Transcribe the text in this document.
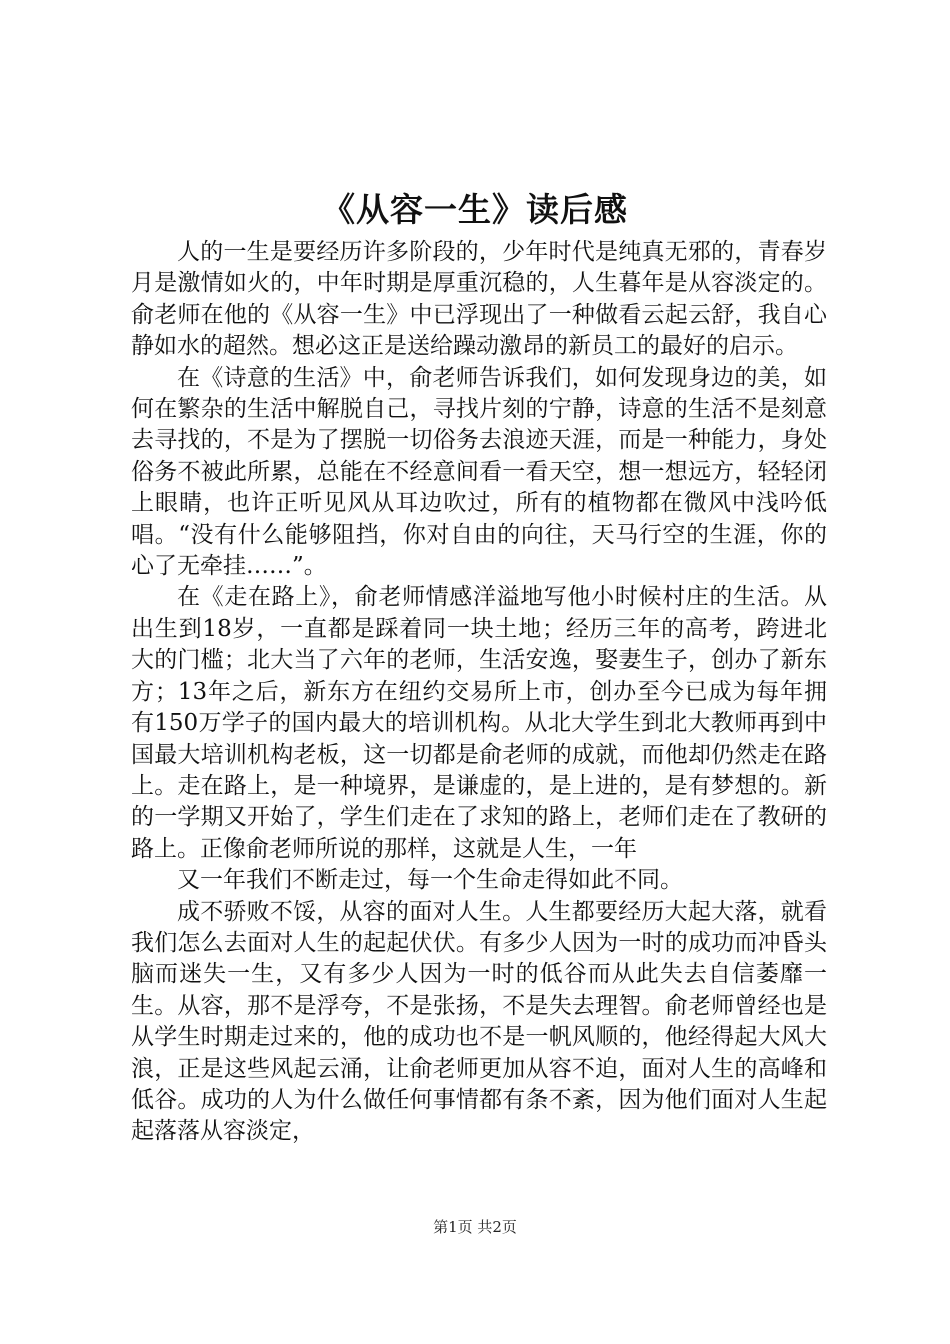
《从容一生》读后感

人的一生是要经历许多阶段的，少年时代是纯真无邪的，青春岁月是激情如火的，中年时期是厚重沉稳的，人生暮年是从容淡定的。俞老师在他的《从容一生》中已浮现出了一种做看云起云舒，我自心静如水的超然。想必这正是送给躁动激昂的新员工的最好的启示。

在《诗意的生活》中，俞老师告诉我们，如何发现身边的美，如何在繁杂的生活中解脱自己，寻找片刻的宁静，诗意的生活不是刻意去寻找的，不是为了摆脱一切俗务去浪迹天涯，而是一种能力，身处俗务不被此所累，总能在不经意间看一看天空，想一想远方，轻轻闭上眼睛，也许正听见风从耳边吹过，所有的植物都在微风中浅吟低唱。“没有什么能够阻挡，你对自由的向往，天马行空的生涯，你的心了无牵挂……”。

在《走在路上》，俞老师情感洋溢地写他小时候村庄的生活。从出生到18岁，一直都是踩着同一块土地；经历三年的高考，跨进北大的门槛；北大当了六年的老师，生活安逸，娶妻生子，创办了新东方；13年之后，新东方在纽约交易所上市，创办至今已成为每年拥有150万学子的国内最大的培训机构。从北大学生到北大教师再到中国最大培训机构老板，这一切都是俞老师的成就，而他却仍然走在路上。走在路上，是一种境界，是谦虚的，是上进的，是有梦想的。新的一学期又开始了，学生们走在了求知的路上，老师们走在了教研的路上。正像俞老师所说的那样，这就是人生，一年

又一年我们不断走过，每一个生命走得如此不同。

成不骄败不馁，从容的面对人生。人生都要经历大起大落，就看我们怎么去面对人生的起起伏伏。有多少人因为一时的成功而冲昏头脑而迷失一生，又有多少人因为一时的低谷而从此失去自信萎靡一生。从容，那不是浮夸，不是张扬，不是失去理智。俞老师曾经也是从学生时期走过来的，他的成功也不是一帆风顺的，他经得起大风大浪，正是这些风起云涌，让俞老师更加从容不迫，面对人生的高峰和低谷。成功的人为什么做任何事情都有条不紊，因为他们面对人生起起落落从容淡定，

第1页 共2页
